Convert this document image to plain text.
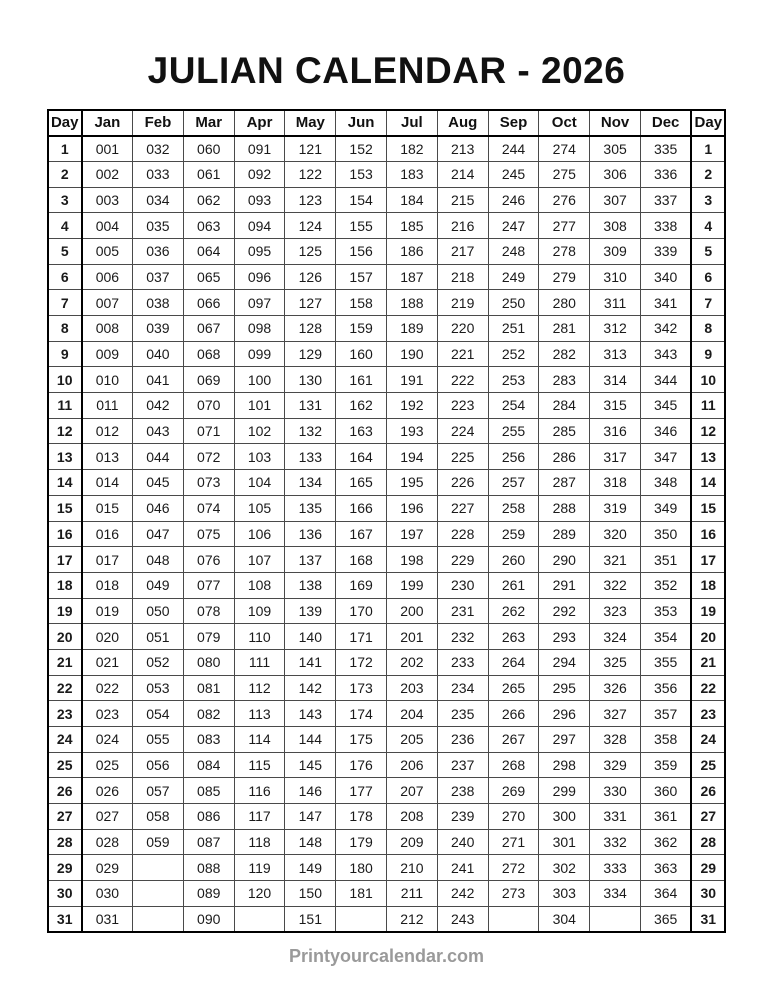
JULIAN CALENDAR - 2026
Day	Jan	Feb	Mar	Apr	May	Jun	Jul	Aug	Sep	Oct	Nov	Dec	Day
1	001	032	060	091	121	152	182	213	244	274	305	335	1
2	002	033	061	092	122	153	183	214	245	275	306	336	2
3	003	034	062	093	123	154	184	215	246	276	307	337	3
4	004	035	063	094	124	155	185	216	247	277	308	338	4
5	005	036	064	095	125	156	186	217	248	278	309	339	5
6	006	037	065	096	126	157	187	218	249	279	310	340	6
7	007	038	066	097	127	158	188	219	250	280	311	341	7
8	008	039	067	098	128	159	189	220	251	281	312	342	8
9	009	040	068	099	129	160	190	221	252	282	313	343	9
10	010	041	069	100	130	161	191	222	253	283	314	344	10
11	011	042	070	101	131	162	192	223	254	284	315	345	11
12	012	043	071	102	132	163	193	224	255	285	316	346	12
13	013	044	072	103	133	164	194	225	256	286	317	347	13
14	014	045	073	104	134	165	195	226	257	287	318	348	14
15	015	046	074	105	135	166	196	227	258	288	319	349	15
16	016	047	075	106	136	167	197	228	259	289	320	350	16
17	017	048	076	107	137	168	198	229	260	290	321	351	17
18	018	049	077	108	138	169	199	230	261	291	322	352	18
19	019	050	078	109	139	170	200	231	262	292	323	353	19
20	020	051	079	110	140	171	201	232	263	293	324	354	20
21	021	052	080	111	141	172	202	233	264	294	325	355	21
22	022	053	081	112	142	173	203	234	265	295	326	356	22
23	023	054	082	113	143	174	204	235	266	296	327	357	23
24	024	055	083	114	144	175	205	236	267	297	328	358	24
25	025	056	084	115	145	176	206	237	268	298	329	359	25
26	026	057	085	116	146	177	207	238	269	299	330	360	26
27	027	058	086	117	147	178	208	239	270	300	331	361	27
28	028	059	087	118	148	179	209	240	271	301	332	362	28
29	029		088	119	149	180	210	241	272	302	333	363	29
30	030		089	120	150	181	211	242	273	303	334	364	30
31	031		090		151		212	243		304		365	31
Printyourcalendar.com
